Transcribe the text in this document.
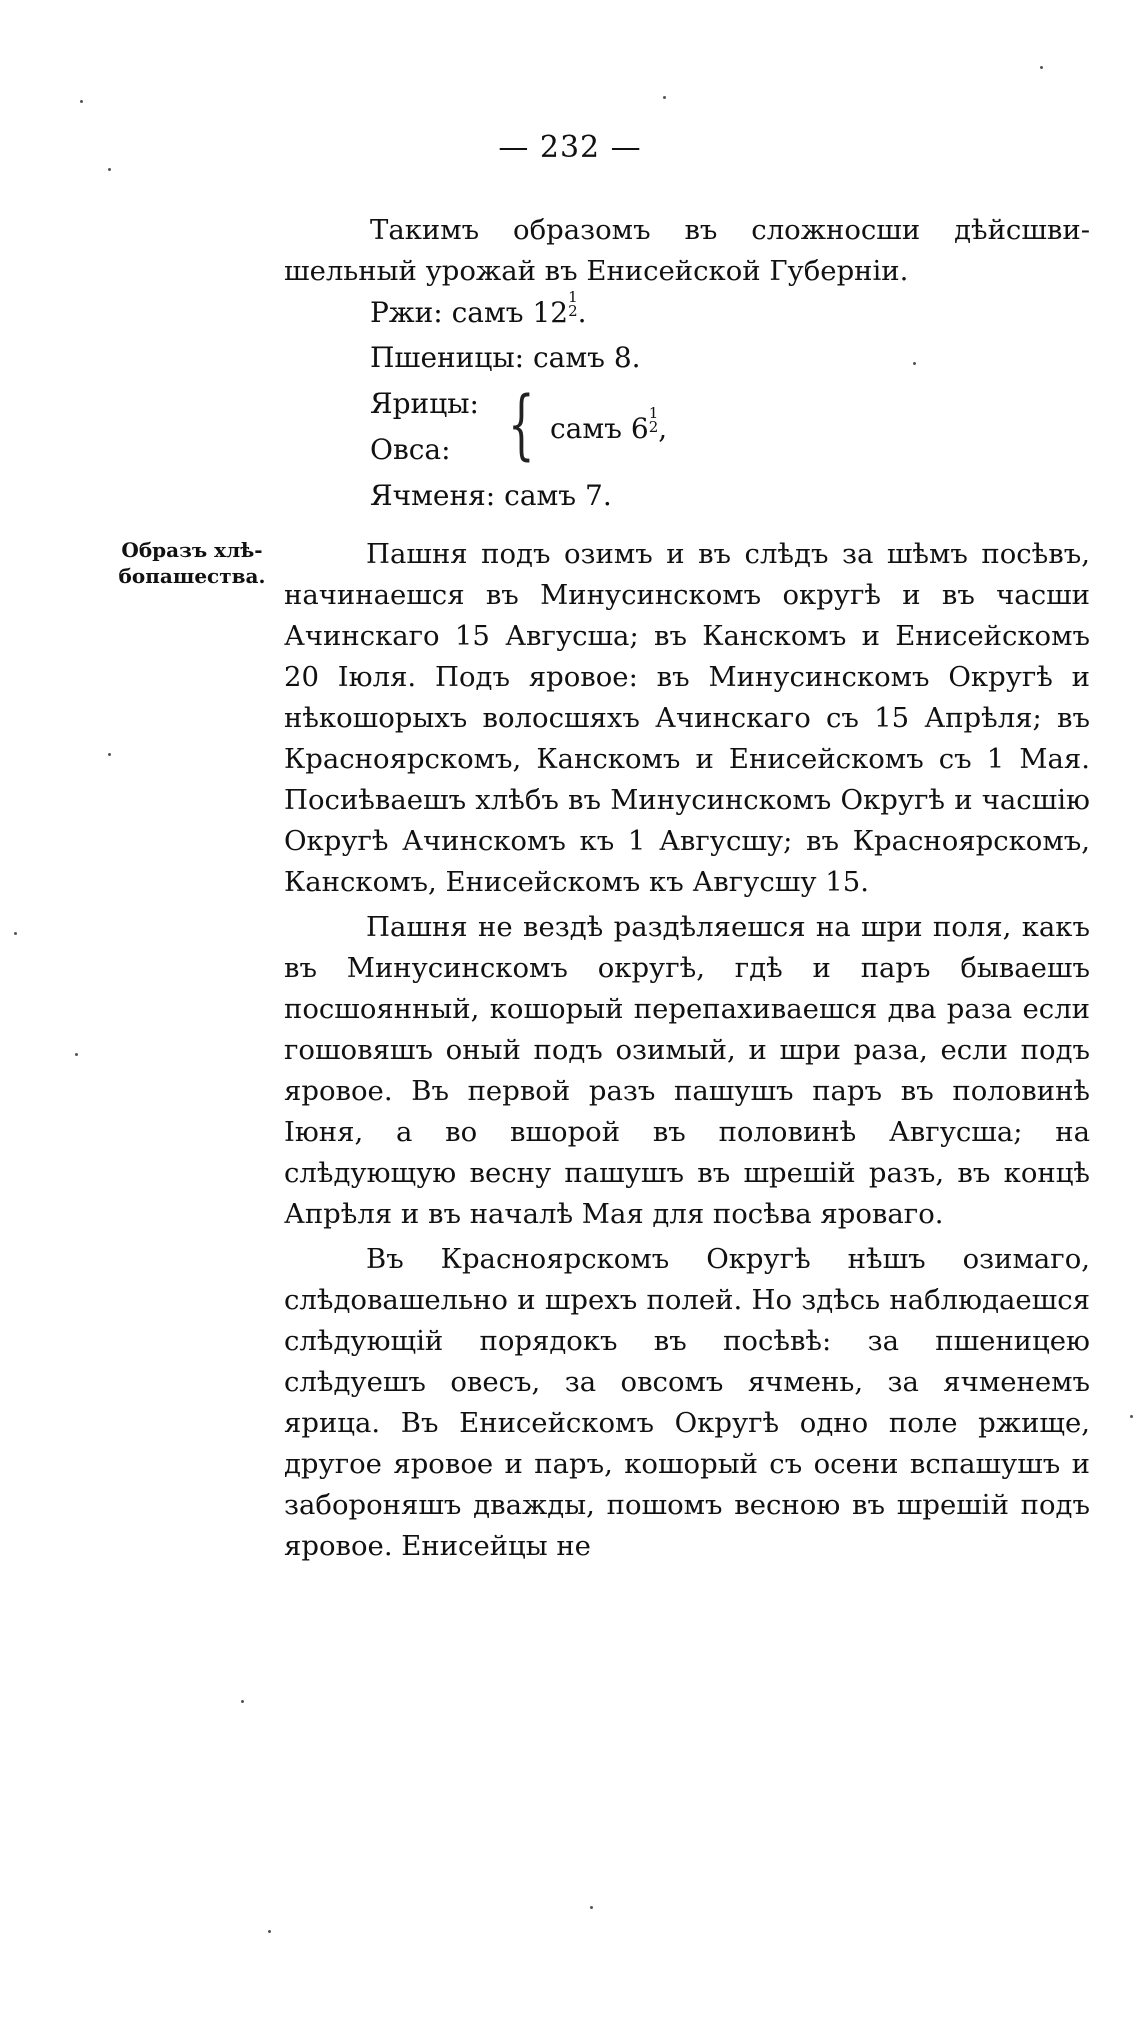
— 232 —

Такимъ образомъ въ сложносши дѣйсшвишельный урожай въ Енисейской Губерніи.

Ржи: самъ 12 1
2 .
Пшеницы: самъ 8.
Ярицы:
Овса: { самъ 6 1
2 ,
Ячменя: самъ 7.
Образъ хлѣбопашества.

Пашня подъ озимъ и въ слѣдъ за шѣмъ посѣвъ, начинаешся въ Минусинскомъ округѣ и въ часши Ачинскаго 15 Авгусша; въ Канскомъ и Енисейскомъ 20 Іюля. Подъ яровое: въ Минусинскомъ Округѣ и нѣкошорыхъ волосшяхъ Ачинскаго съ 15 Апрѣля; въ Красноярскомъ, Канскомъ и Енисейскомъ съ 1 Мая. Посиѣваешъ хлѣбъ въ Минусинскомъ Округѣ и часшію Округѣ Ачинскомъ къ 1 Авгусшу; въ Красноярскомъ, Канскомъ, Енисейскомъ къ Авгусшу 15.

Пашня не вездѣ раздѣляешся на шри поля, какъ въ Минусинскомъ округѣ, гдѣ и паръ бываешъ посшоянный, кошорый перепахиваешся два раза если гошовяшъ оный подъ озимый, и шри раза, если подъ яровое. Въ первой разъ пашушъ паръ въ половинѣ Іюня, а во вшорой въ половинѣ Авгусша; на слѣдующую весну пашушъ въ шрешій разъ, въ концѣ Апрѣля и въ началѣ Мая для посѣва яроваго.

Въ Красноярскомъ Округѣ нѣшъ озимаго, слѣдовашельно и шрехъ полей. Но здѣсь наблюдаешся слѣдующій порядокъ въ посѣвѣ: за пшеницею слѣдуешъ овесъ, за овсомъ ячмень, за ячменемъ ярица. Въ Енисейскомъ Округѣ одно поле ржище, другое яровое и паръ, кошорый съ осени вспашушъ и забороняшъ дважды, пошомъ весною въ шрешій подъ яровое. Енисейцы не
